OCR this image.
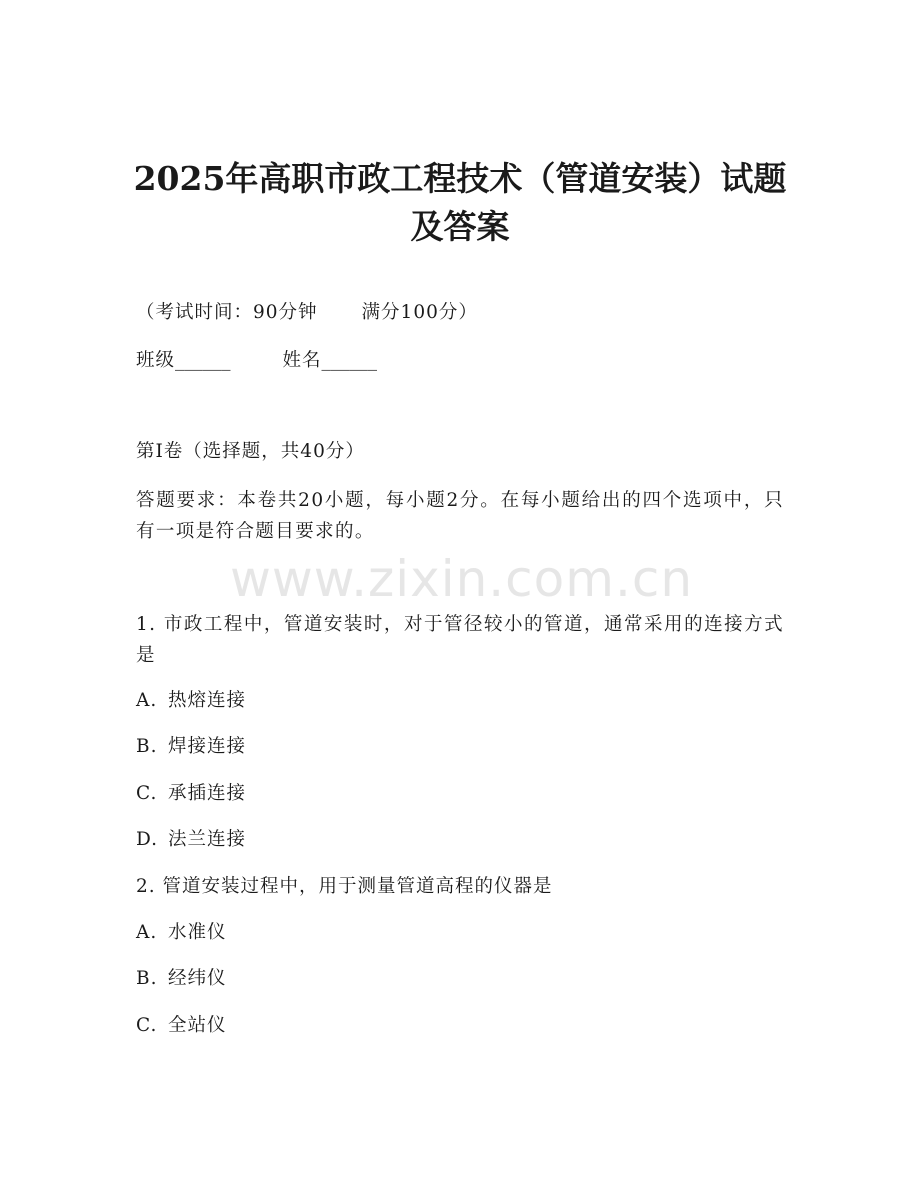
2025年高职市政工程技术（管道安装）试题
及答案
（考试时间：90分钟 满分100分）
班级______	姓名______
第Ⅰ卷（选择题，共40分）
答题要求：本卷共20小题，每小题2分。在每小题给出的四个选项中，只有一项是符合题目要求的。
www.zixin.com.cn
1. 市政工程中，管道安装时，对于管径较小的管道，通常采用的连接方式是
A. 热熔连接
B. 焊接连接
C. 承插连接
D. 法兰连接
2. 管道安装过程中，用于测量管道高程的仪器是
A. 水准仪
B. 经纬仪
C. 全站仪
